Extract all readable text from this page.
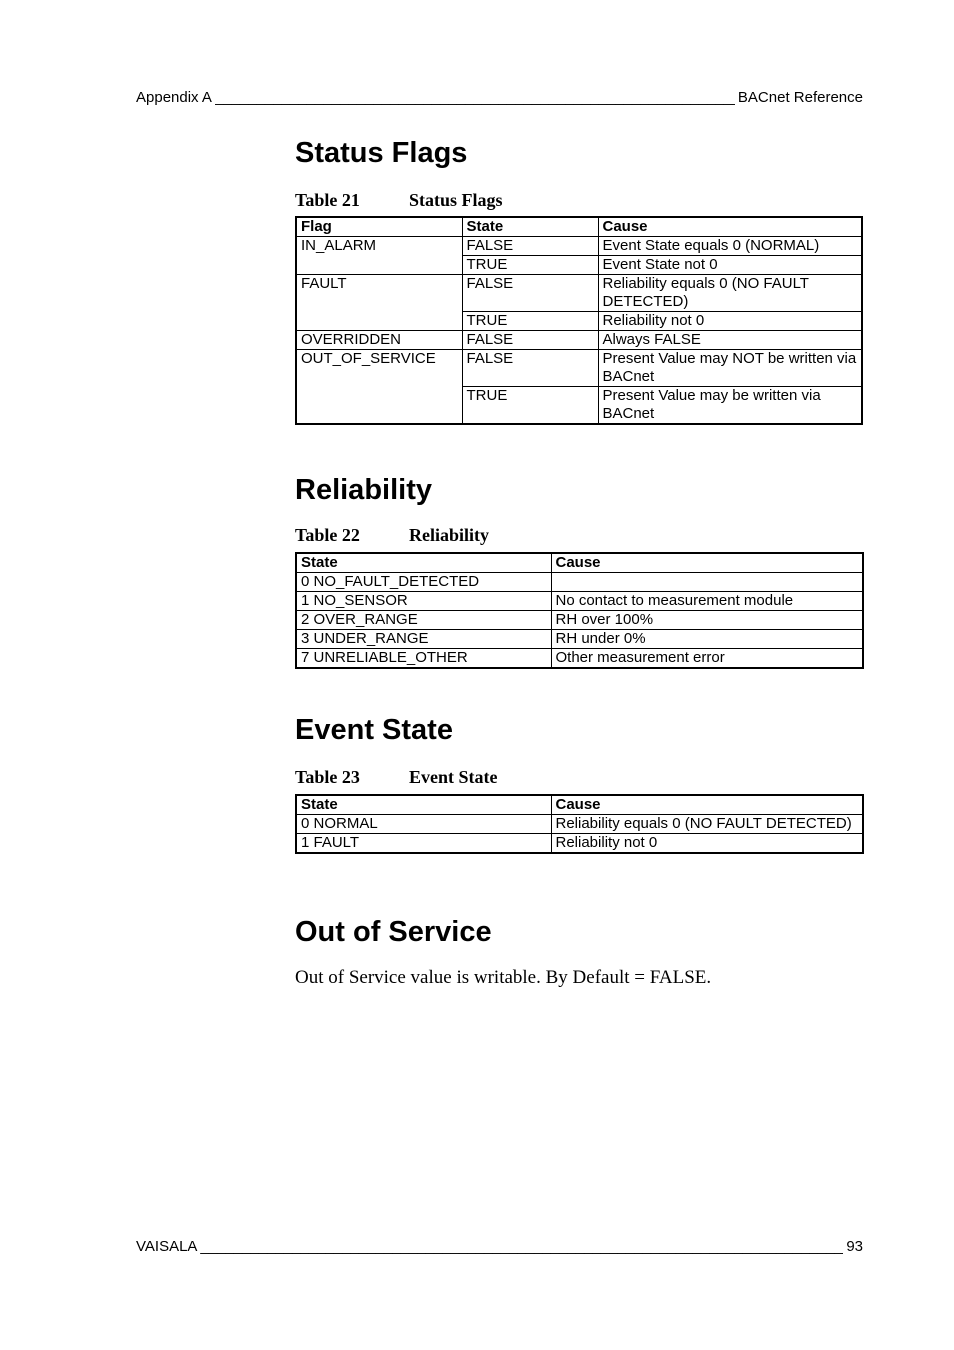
Appendix A _____	BACnet Reference
Status Flags
Table 21	Status Flags
Flag	State	Cause
IN_ALARM	FALSE	Event State equals 0 (NORMAL)
	TRUE	Event State not 0
FAULT	FALSE	Reliability equals 0 (NO FAULT DETECTED)
	TRUE	Reliability not 0
OVERRIDDEN	FALSE	Always FALSE
OUT_OF_SERVICE	FALSE	Present Value may NOT be written via BACnet
	TRUE	Present Value may be written via BACnet
Reliability
Table 22	Reliability
State	Cause
0 NO_FAULT_DETECTED	
1 NO_SENSOR	No contact to measurement module
2 OVER_RANGE	RH over 100%
3 UNDER_RANGE	RH under 0%
7 UNRELIABLE_OTHER	Other measurement error
Event State
Table 23	Event State
State	Cause
0 NORMAL	Reliability equals 0 (NO FAULT DETECTED)
1 FAULT	Reliability not 0
Out of Service
Out of Service value is writable. By Default = FALSE.
VAISALA _____	93
